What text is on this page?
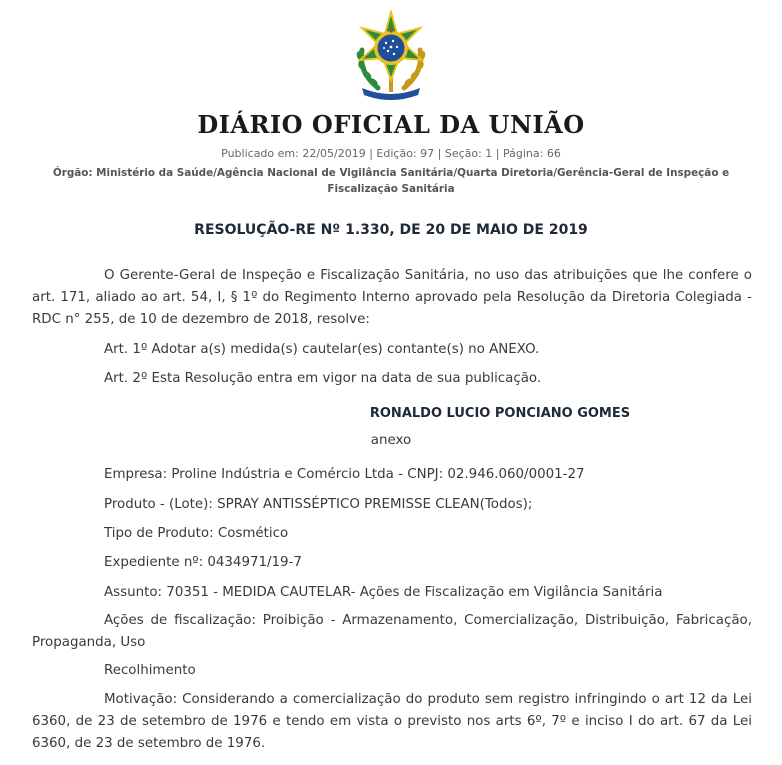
DIÁRIO OFICIAL DA UNIÃO
Publicado em: 22/05/2019 | Edição: 97 | Seção: 1 | Página: 66
Órgão: Ministério da Saúde/Agência Nacional de Vigilância Sanitária/Quarta Diretoria/Gerência-Geral de Inspeção e Fiscalização Sanitária
RESOLUÇÃO-RE Nº 1.330, DE 20 DE MAIO DE 2019

O Gerente-Geral de Inspeção e Fiscalização Sanitária, no uso das atribuições que lhe confere o art. 171, aliado ao art. 54, I, § 1º do Regimento Interno aprovado pela Resolução da Diretoria Colegiada - RDC n° 255, de 10 de dezembro de 2018, resolve:

Art. 1º Adotar a(s) medida(s) cautelar(es) contante(s) no ANEXO.

Art. 2º Esta Resolução entra em vigor na data de sua publicação.

RONALDO LUCIO PONCIANO GOMES
anexo

Empresa: Proline Indústria e Comércio Ltda - CNPJ: 02.946.060/0001-27

Produto - (Lote): SPRAY ANTISSÉPTICO PREMISSE CLEAN(Todos);

Tipo de Produto: Cosmético

Expediente nº: 0434971/19-7

Assunto: 70351 - MEDIDA CAUTELAR- Ações de Fiscalização em Vigilância Sanitária

Ações de fiscalização: Proibição - Armazenamento, Comercialização, Distribuição, Fabricação, Propaganda, Uso

Recolhimento

Motivação: Considerando a comercialização do produto sem registro infringindo o art 12 da Lei 6360, de 23 de setembro de 1976 e tendo em vista o previsto nos arts 6º, 7º e inciso I do art. 67 da Lei 6360, de 23 de setembro de 1976.
